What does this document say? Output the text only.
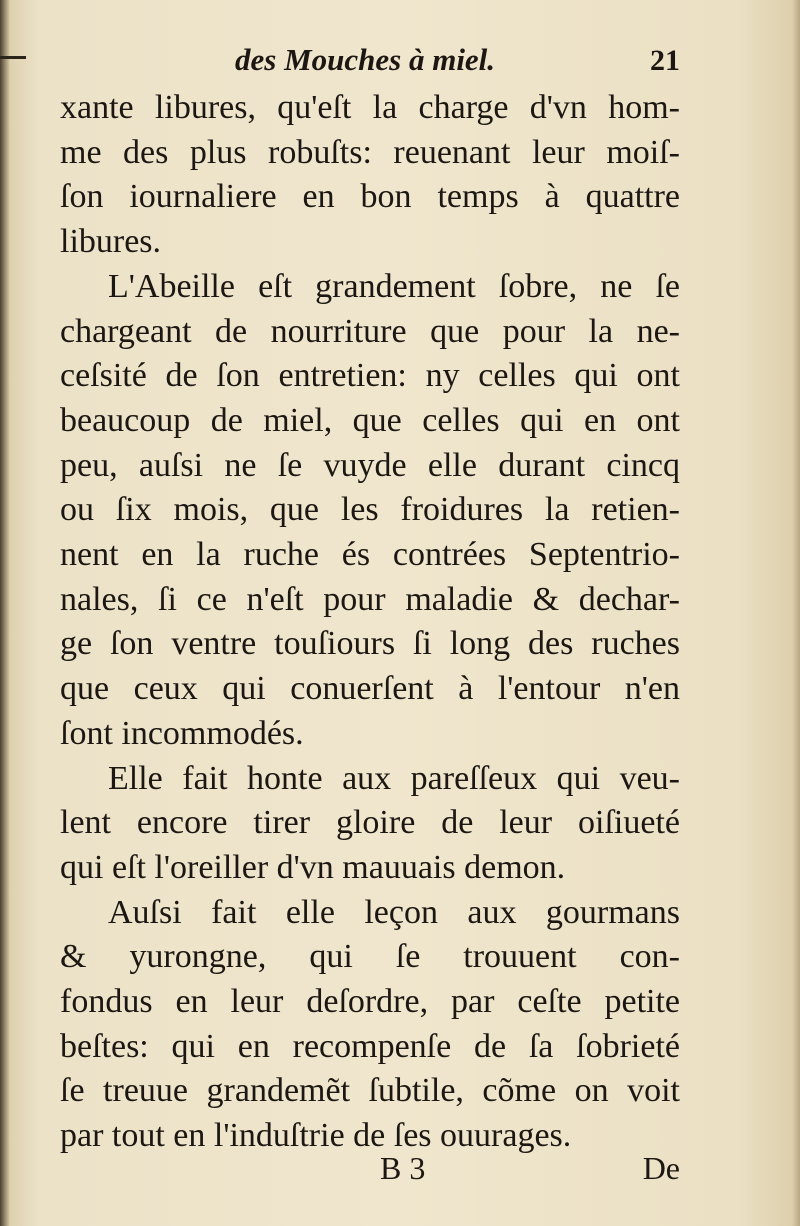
des Mouches à miel.	21
xante libures, qu'eſt la charge d'vn hom-
me des plus robuſts: reuenant leur moiſ-
ſon iournaliere en bon temps à quattre
libures.
L'Abeille eſt grandement ſobre, ne ſe
chargeant de nourriture que pour la ne-
ceſsité de ſon entretien: ny celles qui ont
beaucoup de miel, que celles qui en ont
peu, auſsi ne ſe vuyde elle durant cincq
ou ſix mois, que les froidures la retien-
nent en la ruche és contrées Septentrio-
nales, ſi ce n'eſt pour maladie & dechar-
ge ſon ventre touſiours ſi long des ruches
que ceux qui conuerſent à l'entour n'en
ſont incommodés.
Elle fait honte aux pareſſeux qui veu-
lent encore tirer gloire de leur oiſiueté
qui eſt l'oreiller d'vn mauuais demon.
Auſsi fait elle leçon aux gourmans
& yurongne, qui ſe trouuent con-
fondus en leur deſordre, par ceſte petite
beſtes: qui en recompenſe de ſa ſobrieté
ſe treuue grandemẽt ſubtile, cõme on voit
par tout en l'induſtrie de ſes ouurages.
B 3	De
